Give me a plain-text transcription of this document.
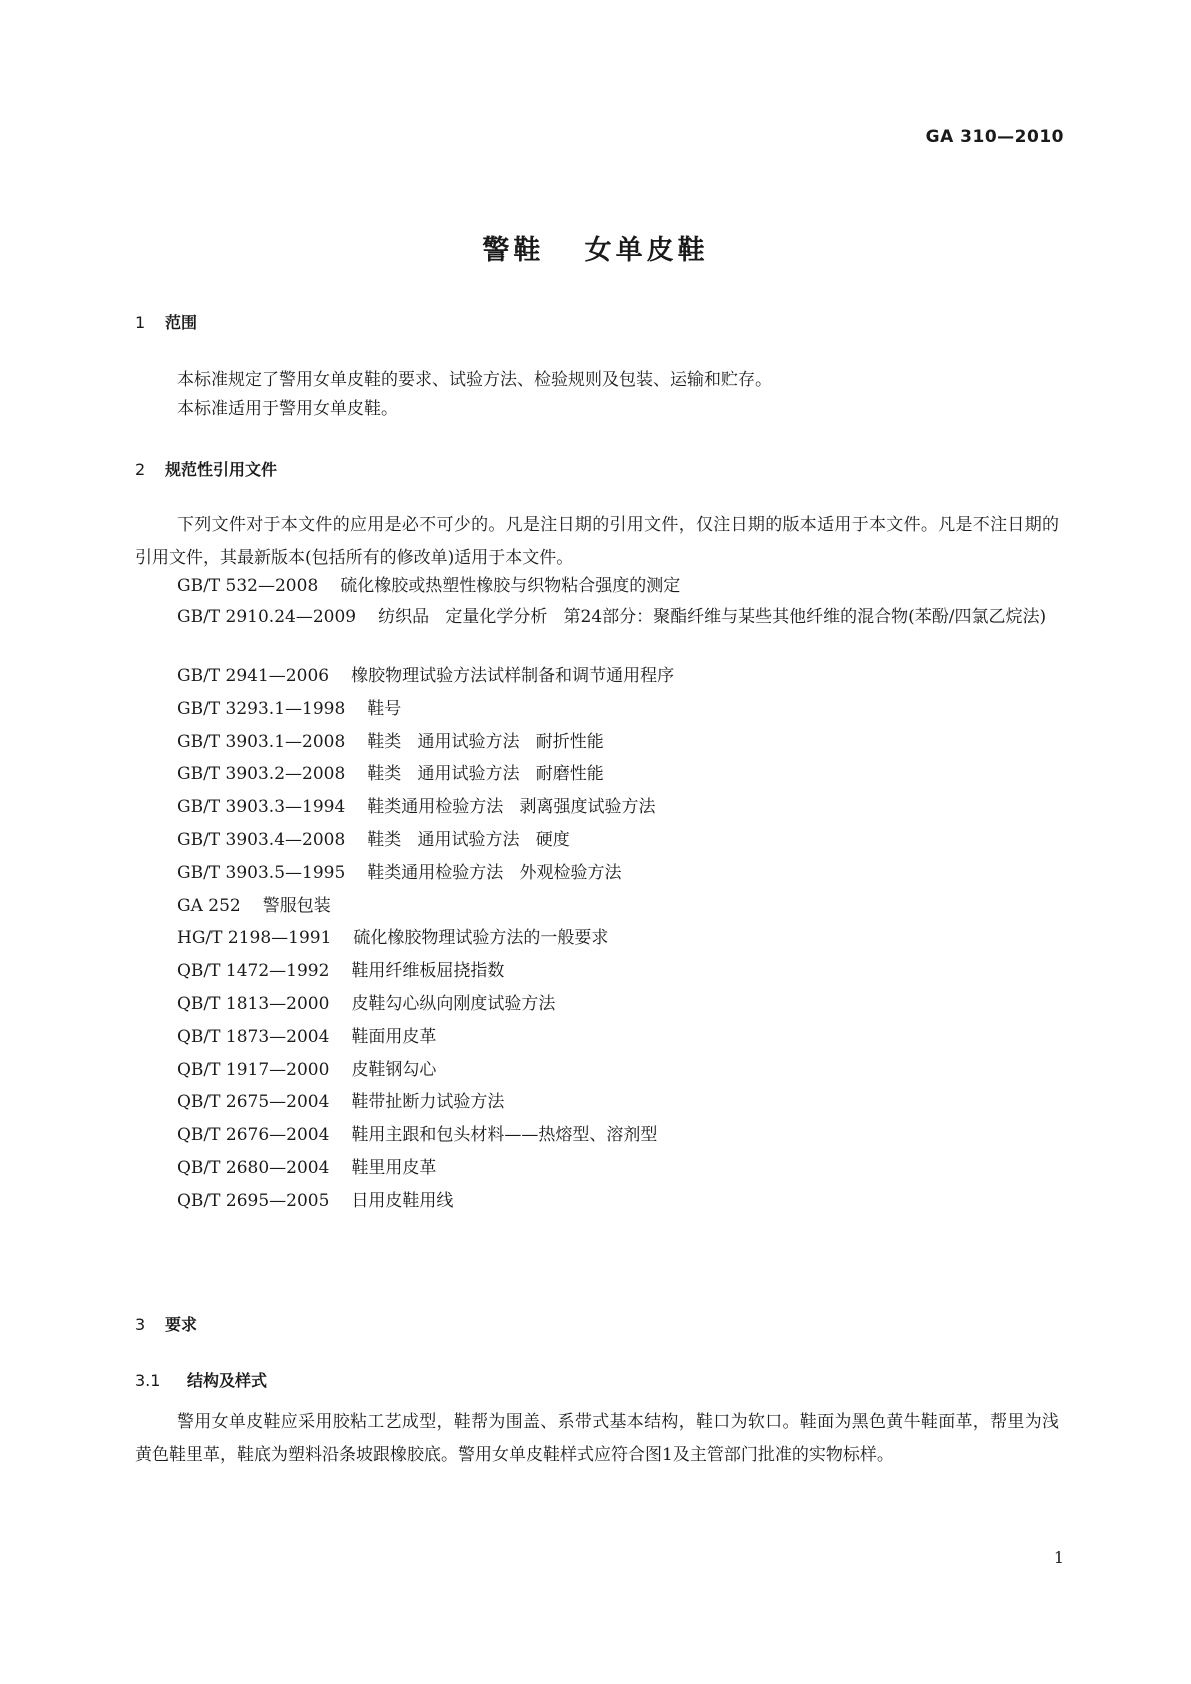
GA 310—2010
警鞋   女单皮鞋
1 范围

本标准规定了警用女单皮鞋的要求、试验方法、检验规则及包装、运输和贮存。

本标准适用于警用女单皮鞋。

2 规范性引用文件

下列文件对于本文件的应用是必不可少的。凡是注日期的引用文件，仅注日期的版本适用于本文件。凡是不注日期的引用文件，其最新版本(包括所有的修改单)适用于本文件。

GB/T 532—2008 硫化橡胶或热塑性橡胶与织物粘合强度的测定

GB/T 2910.24—2009 纺织品   定量化学分析   第24部分：聚酯纤维与某些其他纤维的混合物(苯酚/四氯乙烷法)

GB/T 2941—2006 橡胶物理试验方法试样制备和调节通用程序
GB/T 3293.1—1998 鞋号
GB/T 3903.1—2008 鞋类   通用试验方法   耐折性能
GB/T 3903.2—2008 鞋类   通用试验方法   耐磨性能
GB/T 3903.3—1994 鞋类通用检验方法   剥离强度试验方法
GB/T 3903.4—2008 鞋类   通用试验方法   硬度
GB/T 3903.5—1995 鞋类通用检验方法   外观检验方法
GA 252 警服包装
HG/T 2198—1991 硫化橡胶物理试验方法的一般要求
QB/T 1472—1992 鞋用纤维板屈挠指数
QB/T 1813—2000 皮鞋勾心纵向刚度试验方法
QB/T 1873—2004 鞋面用皮革
QB/T 1917—2000 皮鞋钢勾心
QB/T 2675—2004 鞋带扯断力试验方法
QB/T 2676—2004 鞋用主跟和包头材料——热熔型、溶剂型
QB/T 2680—2004 鞋里用皮革
QB/T 2695—2005 日用皮鞋用线
3 要求
3.1 结构及样式

警用女单皮鞋应采用胶粘工艺成型，鞋帮为围盖、系带式基本结构，鞋口为软口。鞋面为黑色黄牛鞋面革，帮里为浅黄色鞋里革，鞋底为塑料沿条坡跟橡胶底。警用女单皮鞋样式应符合图1及主管部门批准的实物标样。

1
